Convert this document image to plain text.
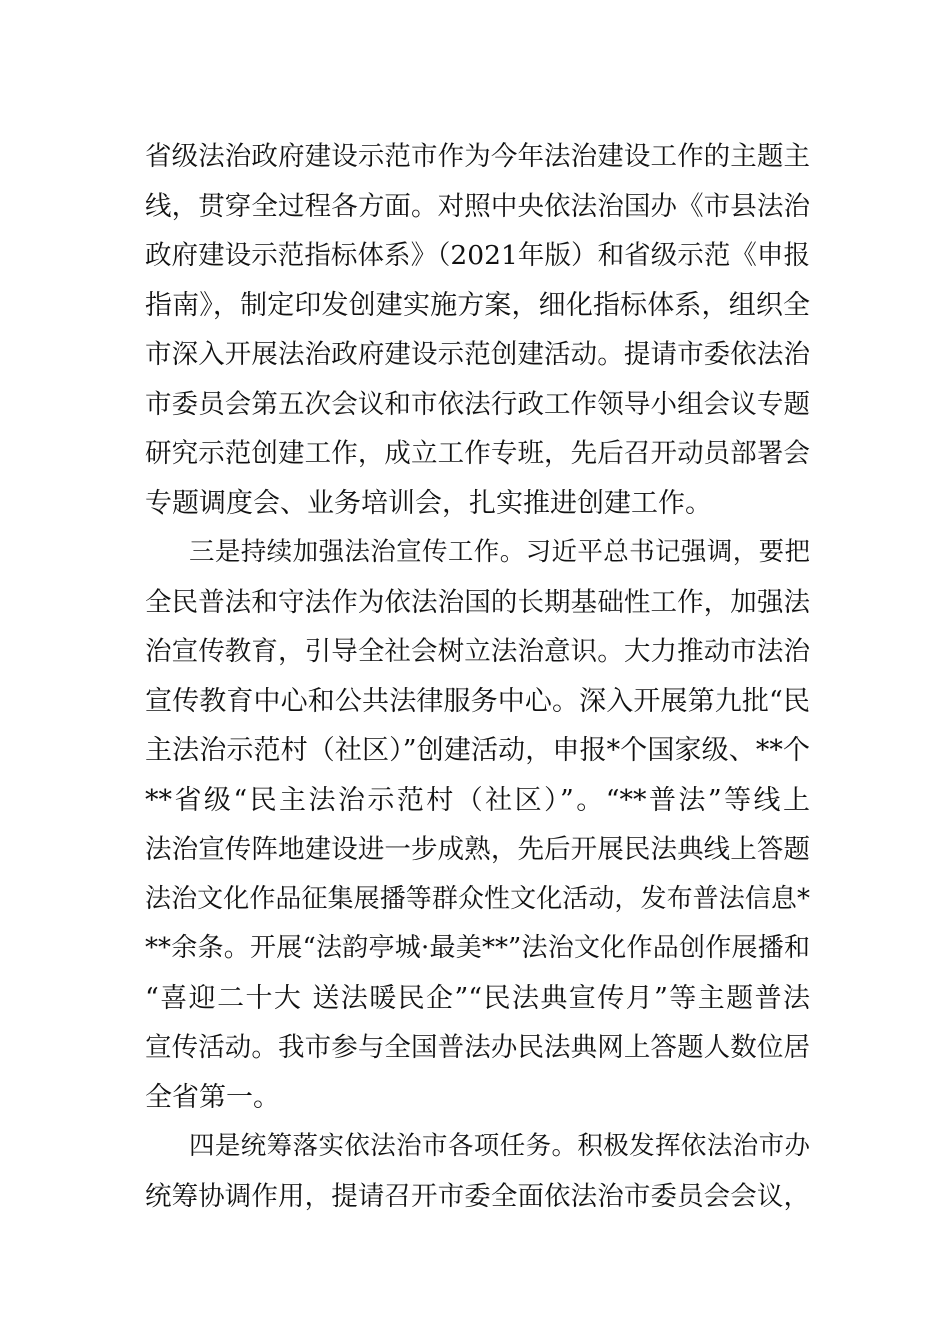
省级法治政府建设示范市作为今年法治建设工作的主题主
线，贯穿全过程各方面。对照中央依法治国办《市县法治
政府建设示范指标体系》（2021年版）和省级示范《申报
指南》，制定印发创建实施方案，细化指标体系，组织全
市深入开展法治政府建设示范创建活动。提请市委依法治
市委员会第五次会议和市依法行政工作领导小组会议专题
研究示范创建工作，成立工作专班，先后召开动员部署会
专题调度会、业务培训会，扎实推进创建工作。
三是持续加强法治宣传工作。习近平总书记强调，要把
全民普法和守法作为依法治国的长期基础性工作，加强法
治宣传教育，引导全社会树立法治意识。大力推动市法治
宣传教育中心和公共法律服务中心。深入开展第九批“民
主法治示范村（社区）”创建活动，申报*个国家级、**个
**省级“民主法治示范村（社区）”。“**普法”等线上
法治宣传阵地建设进一步成熟，先后开展民法典线上答题
法治文化作品征集展播等群众性文化活动，发布普法信息*
**余条。开展“法韵亭城·最美**”法治文化作品创作展播和
“喜迎二十大 送法暖民企”“民法典宣传月”等主题普法
宣传活动。我市参与全国普法办民法典网上答题人数位居
全省第一。
四是统筹落实依法治市各项任务。积极发挥依法治市办
统筹协调作用，提请召开市委全面依法治市委员会会议，
